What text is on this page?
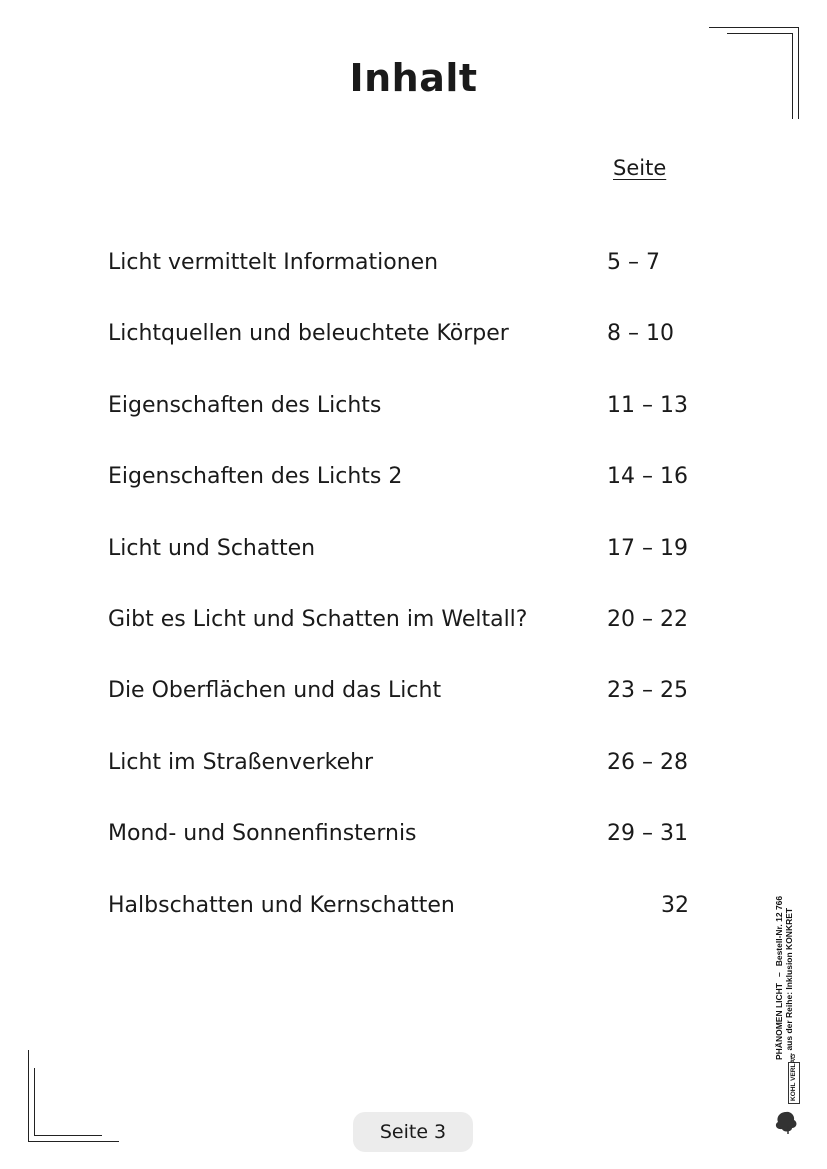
Inhalt
Seite
Licht vermittelt Informationen	5 – 7
Lichtquellen und beleuchtete Körper	8 – 10
Eigenschaften des Lichts	11 – 13
Eigenschaften des Lichts 2	14 – 16
Licht und Schatten	17 – 19
Gibt es Licht und Schatten im Weltall?	20 – 22
Die Oberflächen und das Licht	23 – 25
Licht im Straßenverkehr	26 – 28
Mond- und Sonnenfinsternis	29 – 31
Halbschatten und Kernschatten	32
PHÄNOMEN LICHT–Bestell-Nr. 12 766 ... aus der Reihe: Inklusion KONKRET
KOHL VERLAG
Seite 3
